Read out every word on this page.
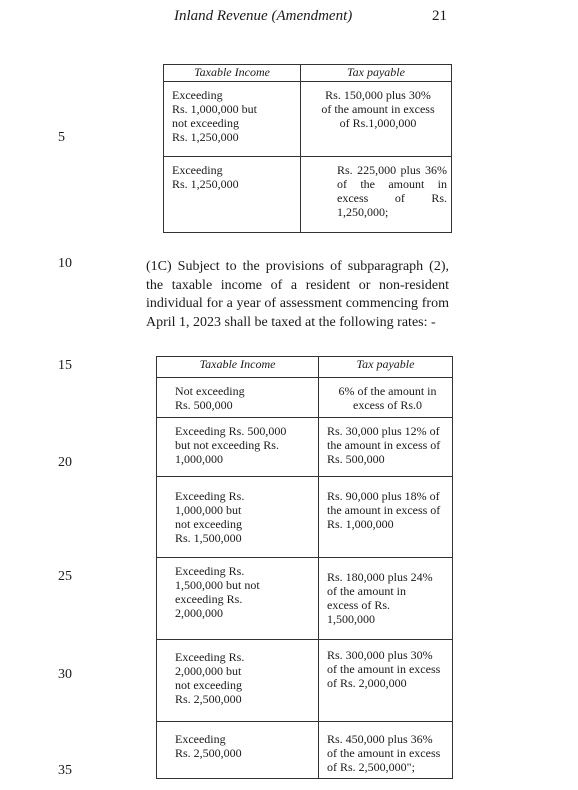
Inland Revenue (Amendment)	21
5
10
15
20
25
30
35
Taxable Income	Tax payable

Exceeding
Rs. 1,000,000 but
not exceeding
Rs. 1,250,000	Rs. 150,000 plus 30%
of the amount in excess
of Rs.1,000,000

Exceeding
Rs. 1,250,000	Rs. 225,000 plus 36%
of the amount in
excess of Rs.
1,250,000;
(1C) Subject to the provisions of subparagraph (2), the taxable income of a resident or non-resident individual for a year of assessment commencing from April 1, 2023 shall be taxed at the following rates: -
Taxable Income	Tax payable

Not exceeding
Rs. 500,000	6% of the amount in
excess of Rs.0

Exceeding Rs. 500,000
but not exceeding Rs.
1,000,000	Rs. 30,000 plus 12% of
the amount in excess of
Rs. 500,000

Exceeding Rs.
1,000,000 but
not exceeding
Rs. 1,500,000	Rs. 90,000 plus 18% of
the amount in excess of
Rs. 1,000,000

Exceeding Rs.
1,500,000 but not
exceeding Rs.
2,000,000	Rs. 180,000 plus 24%
of the amount in
excess of Rs.
1,500,000

Exceeding Rs.
2,000,000 but
not exceeding
Rs. 2,500,000	Rs. 300,000 plus 30%
of the amount in excess
of Rs. 2,000,000

Exceeding
Rs. 2,500,000	Rs. 450,000 plus 36%
of the amount in excess
of Rs. 2,500,000";
